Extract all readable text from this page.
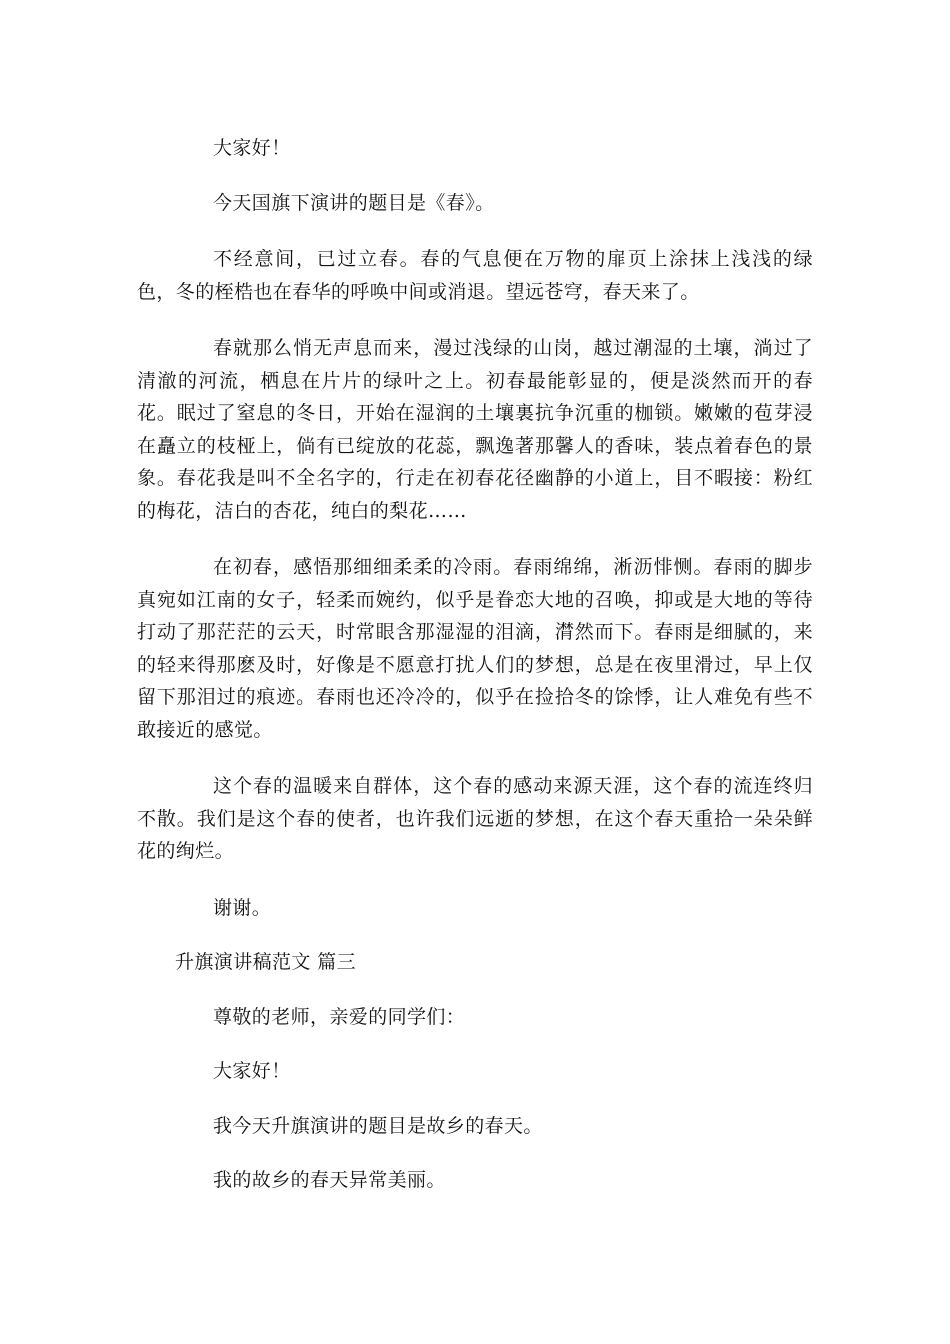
大家好！

今天国旗下演讲的题目是《春》。

不经意间，已过立春。春的气息便在万物的扉页上涂抹上浅浅的绿色，冬的桎梏也在春华的呼唤中间或消退。望远苍穹，春天来了。

春就那么悄无声息而来，漫过浅绿的山岗，越过潮湿的土壤，淌过了清澈的河流，栖息在片片的绿叶之上。初春最能彰显的，便是淡然而开的春花。眠过了窒息的冬日，开始在湿润的土壤裏抗争沉重的枷锁。嫩嫩的苞芽浸在矗立的枝桠上，倘有已绽放的花蕊，飘逸著那馨人的香味，装点着春色的景象。春花我是叫不全名字的，行走在初春花径幽静的小道上，目不暇接：粉红的梅花，洁白的杏花，纯白的梨花……

在初春，感悟那细细柔柔的冷雨。春雨绵绵，淅沥悱恻。春雨的脚步真宛如江南的女子，轻柔而婉约，似乎是眷恋大地的召唤，抑或是大地的等待打动了那茫茫的云天，时常眼含那湿湿的泪滴，潸然而下。春雨是细腻的，来的轻来得那麽及时，好像是不愿意打扰人们的梦想，总是在夜里滑过，早上仅留下那泪过的痕迹。春雨也还冷冷的，似乎在捡拾冬的馀悸，让人难免有些不敢接近的感觉。

这个春的温暖来自群体，这个春的感动来源天涯，这个春的流连终归不散。我们是这个春的使者，也许我们远逝的梦想，在这个春天重拾一朵朵鲜花的绚烂。

谢谢。

升旗演讲稿范文 篇三

尊敬的老师，亲爱的同学们：

大家好！

我今天升旗演讲的题目是故乡的春天。

我的故乡的春天异常美丽。
